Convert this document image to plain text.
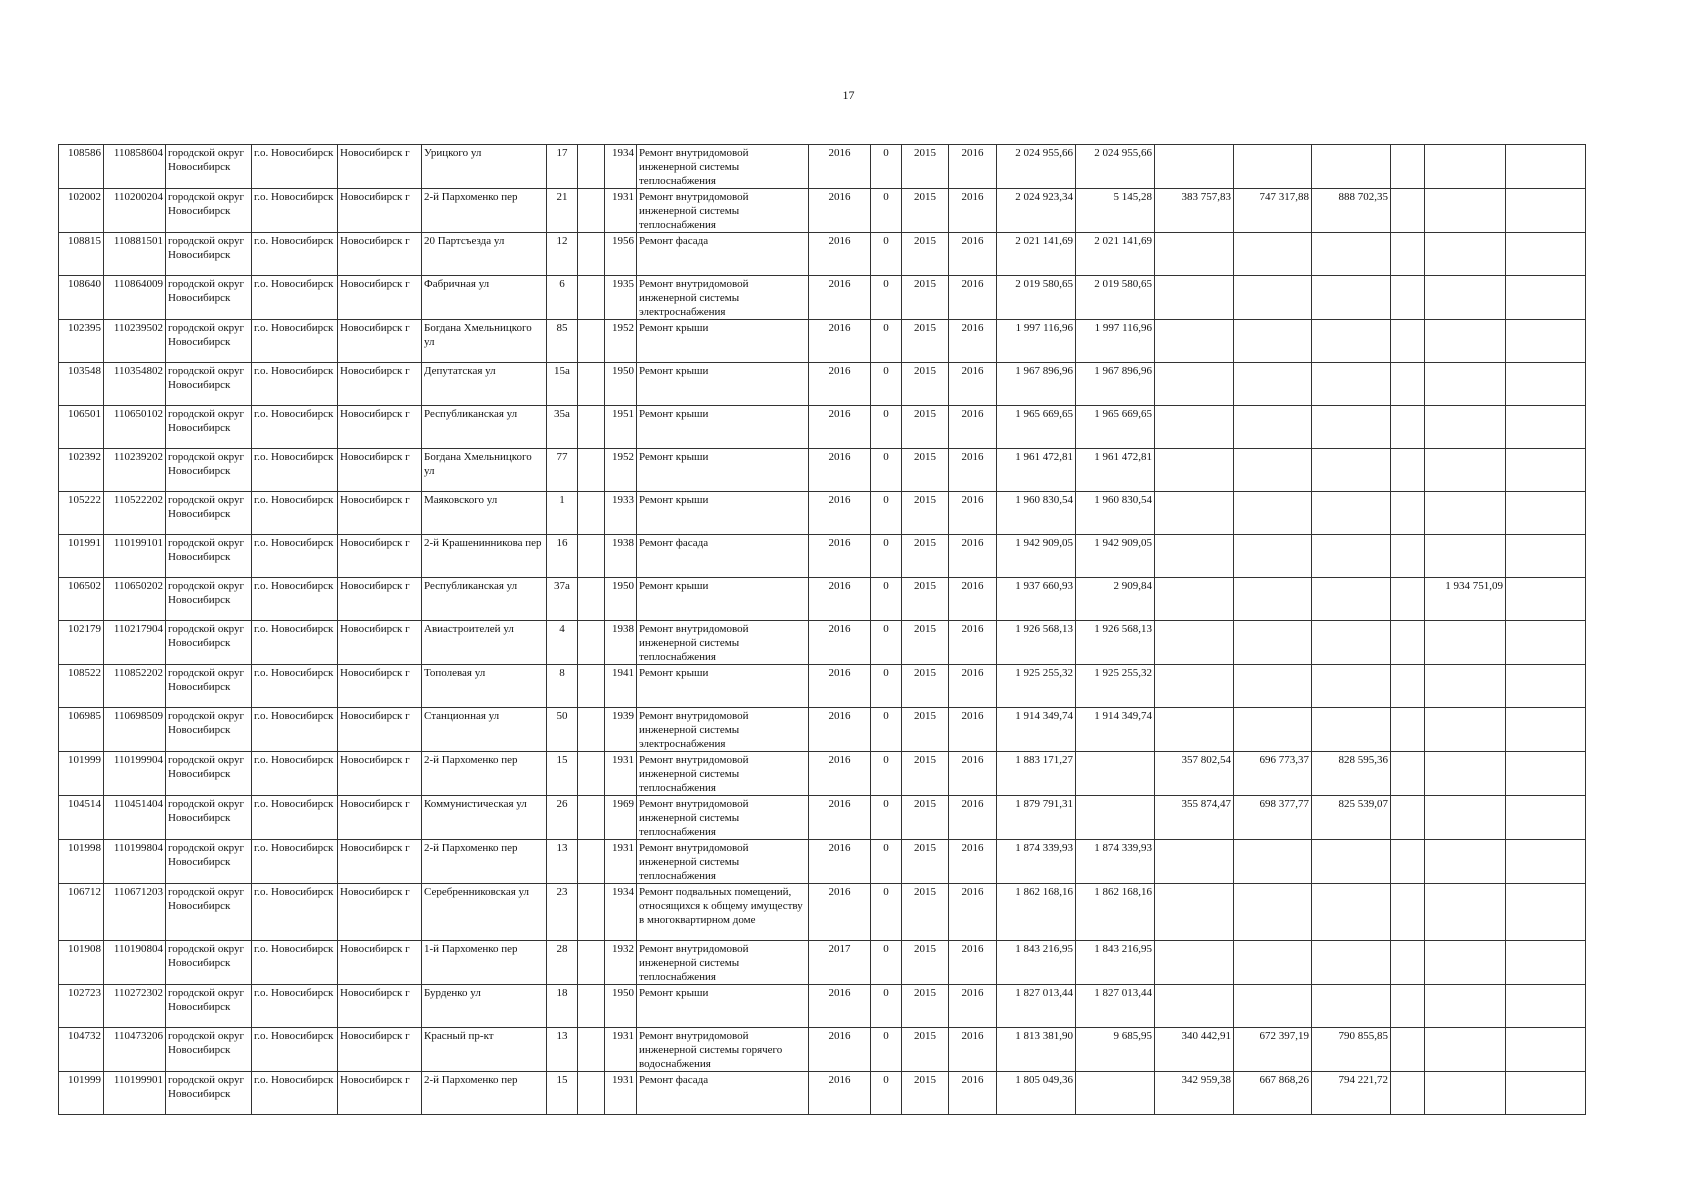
17
108586	110858604	городской округ Новосибирск	г.о. Новосибирск	Новосибирск г	Урицкого ул	17		1934	Ремонт внутридомовой инженерной системы теплоснабжения	2016	0	2015	2016	2 024 955,66	2 024 955,66						
102002	110200204	городской округ Новосибирск	г.о. Новосибирск	Новосибирск г	2-й Пархоменко пер	21		1931	Ремонт внутридомовой инженерной системы теплоснабжения	2016	0	2015	2016	2 024 923,34	5 145,28	383 757,83	747 317,88	888 702,35			
108815	110881501	городской округ Новосибирск	г.о. Новосибирск	Новосибирск г	20 Партсъезда ул	12		1956	Ремонт фасада	2016	0	2015	2016	2 021 141,69	2 021 141,69						
108640	110864009	городской округ Новосибирск	г.о. Новосибирск	Новосибирск г	Фабричная ул	6		1935	Ремонт внутридомовой инженерной системы электроснабжения	2016	0	2015	2016	2 019 580,65	2 019 580,65						
102395	110239502	городской округ Новосибирск	г.о. Новосибирск	Новосибирск г	Богдана Хмельницкого ул	85		1952	Ремонт крыши	2016	0	2015	2016	1 997 116,96	1 997 116,96						
103548	110354802	городской округ Новосибирск	г.о. Новосибирск	Новосибирск г	Депутатская ул	15а		1950	Ремонт крыши	2016	0	2015	2016	1 967 896,96	1 967 896,96						
106501	110650102	городской округ Новосибирск	г.о. Новосибирск	Новосибирск г	Республиканская ул	35а		1951	Ремонт крыши	2016	0	2015	2016	1 965 669,65	1 965 669,65						
102392	110239202	городской округ Новосибирск	г.о. Новосибирск	Новосибирск г	Богдана Хмельницкого ул	77		1952	Ремонт крыши	2016	0	2015	2016	1 961 472,81	1 961 472,81						
105222	110522202	городской округ Новосибирск	г.о. Новосибирск	Новосибирск г	Маяковского ул	1		1933	Ремонт крыши	2016	0	2015	2016	1 960 830,54	1 960 830,54						
101991	110199101	городской округ Новосибирск	г.о. Новосибирск	Новосибирск г	2-й Крашенинникова пер	16		1938	Ремонт фасада	2016	0	2015	2016	1 942 909,05	1 942 909,05						
106502	110650202	городской округ Новосибирск	г.о. Новосибирск	Новосибирск г	Республиканская ул	37а		1950	Ремонт крыши	2016	0	2015	2016	1 937 660,93	2 909,84					1 934 751,09	
102179	110217904	городской округ Новосибирск	г.о. Новосибирск	Новосибирск г	Авиастроителей ул	4		1938	Ремонт внутридомовой инженерной системы теплоснабжения	2016	0	2015	2016	1 926 568,13	1 926 568,13						
108522	110852202	городской округ Новосибирск	г.о. Новосибирск	Новосибирск г	Тополевая ул	8		1941	Ремонт крыши	2016	0	2015	2016	1 925 255,32	1 925 255,32						
106985	110698509	городской округ Новосибирск	г.о. Новосибирск	Новосибирск г	Станционная ул	50		1939	Ремонт внутридомовой инженерной системы электроснабжения	2016	0	2015	2016	1 914 349,74	1 914 349,74						
101999	110199904	городской округ Новосибирск	г.о. Новосибирск	Новосибирск г	2-й Пархоменко пер	15		1931	Ремонт внутридомовой инженерной системы теплоснабжения	2016	0	2015	2016	1 883 171,27		357 802,54	696 773,37	828 595,36			
104514	110451404	городской округ Новосибирск	г.о. Новосибирск	Новосибирск г	Коммунистическая ул	26		1969	Ремонт внутридомовой инженерной системы теплоснабжения	2016	0	2015	2016	1 879 791,31		355 874,47	698 377,77	825 539,07			
101998	110199804	городской округ Новосибирск	г.о. Новосибирск	Новосибирск г	2-й Пархоменко пер	13		1931	Ремонт внутридомовой инженерной системы теплоснабжения	2016	0	2015	2016	1 874 339,93	1 874 339,93						
106712	110671203	городской округ Новосибирск	г.о. Новосибирск	Новосибирск г	Серебренниковская ул	23		1934	Ремонт подвальных помещений, относящихся к общему имуществу в многоквартирном доме	2016	0	2015	2016	1 862 168,16	1 862 168,16						
101908	110190804	городской округ Новосибирск	г.о. Новосибирск	Новосибирск г	1-й Пархоменко пер	28		1932	Ремонт внутридомовой инженерной системы теплоснабжения	2017	0	2015	2016	1 843 216,95	1 843 216,95						
102723	110272302	городской округ Новосибирск	г.о. Новосибирск	Новосибирск г	Бурденко ул	18		1950	Ремонт крыши	2016	0	2015	2016	1 827 013,44	1 827 013,44						
104732	110473206	городской округ Новосибирск	г.о. Новосибирск	Новосибирск г	Красный пр-кт	13		1931	Ремонт внутридомовой инженерной системы горячего водоснабжения	2016	0	2015	2016	1 813 381,90	9 685,95	340 442,91	672 397,19	790 855,85			
101999	110199901	городской округ Новосибирск	г.о. Новосибирск	Новосибирск г	2-й Пархоменко пер	15		1931	Ремонт фасада	2016	0	2015	2016	1 805 049,36		342 959,38	667 868,26	794 221,72			
